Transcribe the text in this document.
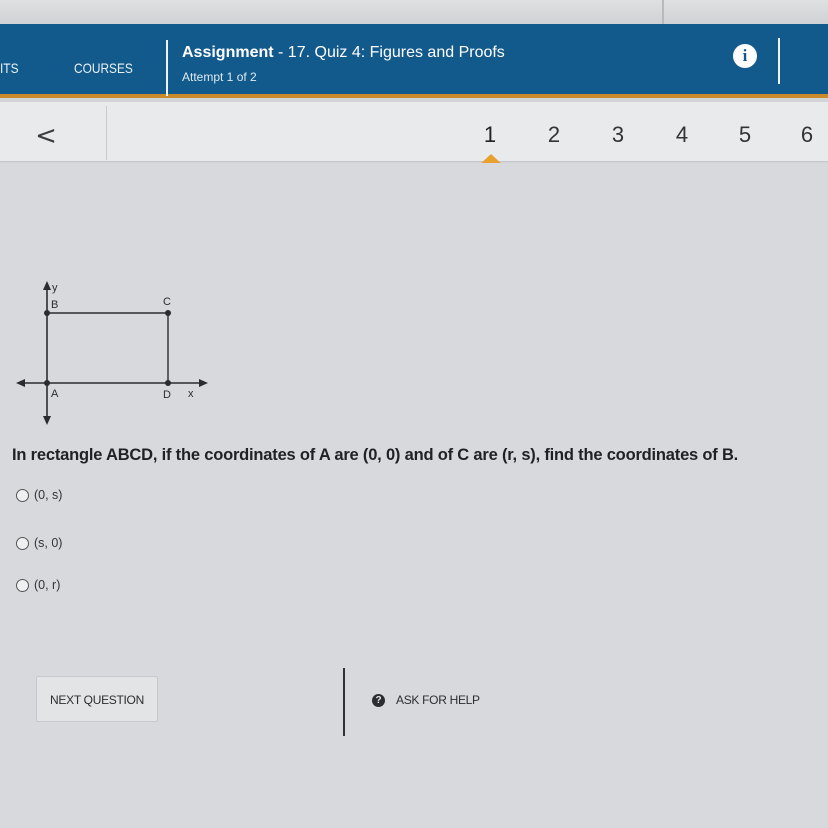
ITS	COURSES
Assignment - 17. Quiz 4: Figures and Proofs
Attempt 1 of 2
i
<	1 2 3 4 5 6
y
x
B	C
A	D
In rectangle ABCD, if the coordinates of A are (0, 0) and of C are (r, s), find the coordinates of B.
(0, s)
(s, 0)
(0, r)
NEXT QUESTION	? ASK FOR HELP
